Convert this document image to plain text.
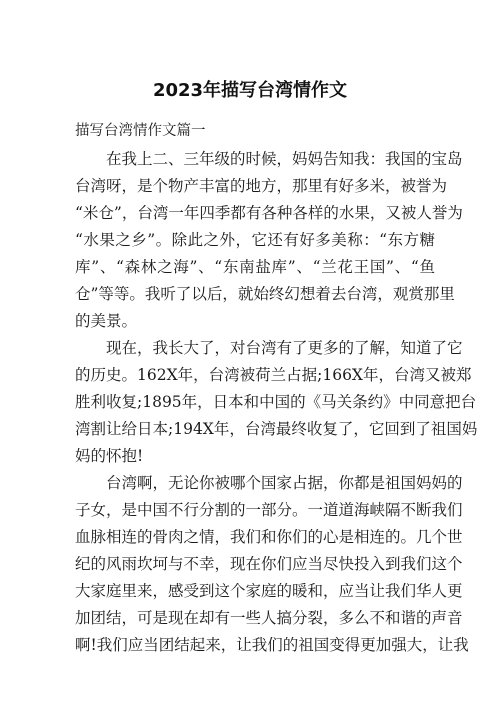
2023年描写台湾情作文

描写台湾情作文篇一

在我上二、三年级的时候，妈妈告知我：我国的宝岛
台湾呀，是个物产丰富的地方，那里有好多米，被誉为
“米仓”，台湾一年四季都有各种各样的水果，又被人誉为
“水果之乡”。除此之外，它还有好多美称：“东方糖
库”、“森林之海”、“东南盐库”、“兰花王国”、“鱼
仓”等等。我听了以后，就始终幻想着去台湾，观赏那里
的美景。
现在，我长大了，对台湾有了更多的了解，知道了它
的历史。162X年，台湾被荷兰占据;166X年，台湾又被郑
胜利收复;1895年，日本和中国的《马关条约》中同意把台
湾割让给日本;194X年，台湾最终收复了，它回到了祖国妈
妈的怀抱!
台湾啊，无论你被哪个国家占据，你都是祖国妈妈的
子女，是中国不行分割的一部分。一道道海峡隔不断我们
血脉相连的骨肉之情，我们和你们的心是相连的。几个世
纪的风雨坎坷与不幸，现在你们应当尽快投入到我们这个
大家庭里来，感受到这个家庭的暖和，应当让我们华人更
加团结，可是现在却有一些人搞分裂，多么不和谐的声音
啊!我们应当团结起来，让我们的祖国变得更加强大，让我
